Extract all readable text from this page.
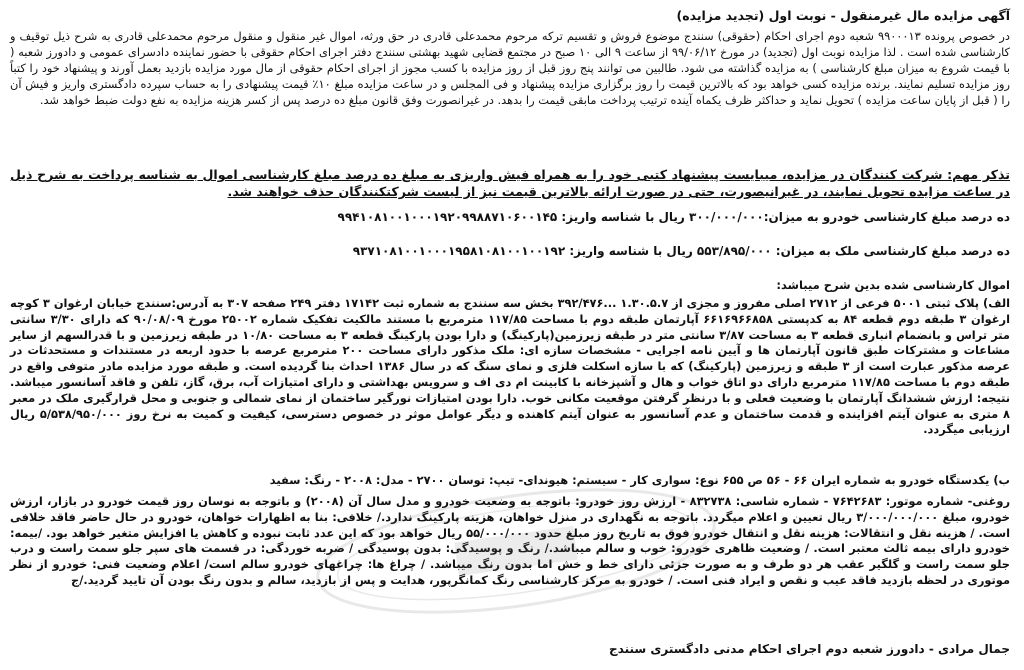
آگهی مزایده مال غیرمنقول - نوبت اول (تجدید مزایده)
در خصوص پرونده ۹۹۰۰۰۱۳ شعبه دوم اجرای احکام (حقوقی) سنندج موضوع فروش و تقسیم ترکه مرحوم محمدعلی قادری در حق ورثه، اموال غیر منقول و منقول مرحوم محمدعلی قادری به شرح ذیل توقیف و کارشناسی شده است . لذا مزایده نوبت اول (تجدید) در مورخ ۹۹/۰۶/۱۲ از ساعت ۹ الی ۱۰ صبح در مجتمع قضایی شهید بهشتی سنندج دفتر اجرای احکام حقوقی با حضور نماینده دادسرای عمومی و دادورز شعبه ( با قیمت شروع به میزان مبلغ کارشناسی ) به مزایده گذاشته می شود. طالبین می توانند پنج روز قبل از روز مزایده با کسب مجوز از اجرای احکام حقوقی از مال مورد مزایده بازدید بعمل آورند و پیشنهاد خود را کتباً روز مزایده تسلیم نمایند. برنده مزایده کسی خواهد بود که بالاترین قیمت را روز برگزاری مزایده پیشنهاد و فی المجلس و در ساعت مزایده مبلغ ۱۰٪ قیمت پیشنهادی را به حساب سپرده دادگستری واریز و فیش آن را ( قبل از پایان ساعت مزایده ) تحویل نماید و حداکثر ظرف یکماه آینده ترتیب پرداخت مابقی قیمت را بدهد. در غیرانصورت وفق قانون مبلغ ده درصد پس از کسر هزینه مزایده به نفع دولت ضبط خواهد شد.
تذکر مهم: شرکت کنندگان در مزایده، میبایست پیشنهاد کتبی خود را به همراه فیش واریزی به مبلغ ده درصد مبلغ کارشناسی اموال به شناسه پرداخت به شرح ذیل در ساعت مزایده تحویل نمایند، در غیرانیصورت، حتی در صورت ارائه بالاترین قیمت نیز از لیست شرکتکنندگان حذف خواهند شد.
ده درصد مبلغ کارشناسی خودرو به میزان:۳۰۰/۰۰۰/۰۰۰ ریال با شناسه واریز: ۹۹۴۱۰۸۱۰۰۱۰۰۰۱۹۲۰۹۹۸۸۷۱۰۶۰۰۱۴۵
ده درصد مبلغ کارشناسی ملک به میزان: ۵۵۳/۸۹۵/۰۰۰ ریال با شناسه واریز: ۹۳۷۱۰۸۱۰۰۱۰۰۰۱۹۵۸۱۰۸۱۰۰۱۰۰۱۹۲
اموال کارشناسی شده بدین شرح میباشد:
الف) پلاک ثبتی ۵۰۰۱ فرعی از ۲۷۱۲ اصلی مفروز و مجزی از ۱.۳۰.۵.۷ ...۳۹۲/۴۷۶ بخش سه سنندج به شماره ثبت ۱۷۱۴۲ دفتر ۲۴۹ صفحه ۳۰۷ به آدرس:سنندج خیابان ارغوان ۳ کوچه ارغوان ۳ طبقه دوم قطعه ۸۴ به کدپستی ۶۶۱۶۹۶۶۸۵۸ آپارتمان طبقه دوم با مساحت ۱۱۷/۸۵ مترمربع با مستند مالکیت تفکیک شماره ۲۵۰۰۲ مورخ ۹۰/۰۸/۰۹ که دارای ۳/۳۰ سانتی متر تراس و بانضمام انباری قطعه ۳ به مساحت ۳/۸۷ سانتی متر در طبقه زیرزمین(پارکینگ) و دارا بودن پارکینگ قطعه ۳ به مساحت ۱۰/۸۰ در طبقه زیرزمین و با قدرالسهم از سایر مشاعات و مشترکات طبق قانون آپارتمان ها و آیین نامه اجرایی - مشخصات سازه ای: ملک مذکور دارای مساحت ۲۰۰ مترمربع عرصه با حدود اربعه در مستندات و مستحدثات در عرصه مذکور عبارت است از ۳ طبقه و زیرزمین (پارکینگ) که با سازه اسکلت فلزی و نمای سنگ که در سال ۱۳۸۶ احداث بنا گردیده است. و طبقه مورد مزایده مادر متوفی واقع در طبقه دوم با مساحت ۱۱۷/۸۵ مترمربع دارای دو اتاق خواب و هال و آشپزخانه با کابینت ام دی اف و سرویس بهداشتی و دارای امتیازات آب، برق، گاز، تلفن و فاقد آسانسور میباشد. نتیجه: ارزش ششدانگ آپارتمان با وضعیت فعلی و با درنظر گرفتن موقعیت مکانی خوب. دارا بودن امتیازات نورگیر ساختمان از نمای شمالی و جنوبی و محل قرارگیری ملک در معبر ۸ متری به عنوان آیتم افزاینده و قدمت ساختمان و عدم آسانسور به عنوان آیتم کاهنده و دیگر عوامل موثر در خصوص دسترسی، کیفیت و کمیت به نرخ روز ۵/۵۳۸/۹۵۰/۰۰۰ ریال ارزیابی میگردد.
ب) یکدستگاه خودرو به شماره ایران ۶۶ - ۵۶ ص ۶۵۵ نوع: سواری کار - سیستم: هیوندای- تیپ: توسان ۲۷۰۰ - مدل: ۲۰۰۸ - رنگ: سفید
روغنی- شماره موتور: ۷۶۴۲۶۸۳ - شماره شاسی: ۸۳۲۷۳۸ - ارزش روز خودرو: باتوجه به وضعیت خودرو و مدل سال آن (۲۰۰۸) و باتوجه به نوسان روز قیمت خودرو در بازار، ارزش خودرو، مبلغ ۳/۰۰۰/۰۰۰/۰۰۰ ریال تعیین و اعلام میگردد. باتوجه به نگهداری در منزل خواهان، هزینه پارکینگ ندارد./ خلافی: بنا به اظهارات خواهان، خودرو در حال حاضر فاقد خلافی است. / هزینه نقل و انتقالات: هزینه نقل و انتقال خودرو فوق به تاریخ روز مبلغ حدود ۵۵/۰۰۰/۰۰۰ ریال خواهد بود که این عدد ثابت نبوده و کاهش یا افزایش متغیر خواهد بود. /بیمه: خودرو دارای بیمه ثالث معتبر است. / وضعیت ظاهری خودرو: خوب و سالم میباشد./ رنگ و پوسیدگی: بدون پوسیدگی / ضربه خوردگی: در قسمت های سپر جلو سمت راست و درب جلو سمت راست و گلگیر عقب هر دو طرف و به صورت جزئی دارای خط و خش اما بدون رنگ میباشد. / چراغ ها: چراغهای خودرو سالم است/ اعلام وضعیت فنی: خودرو از نظر موتوری در لحظه بازدید فاقد عیب و نقص و ایراد فنی است. / خودرو به مرکز کارشناسی رنگ کمانگرپور، هدایت و پس از بازدید، سالم و بدون رنگ بودن آن تایید گردید./ج
جمال مرادی - دادورز شعبه دوم اجرای احکام مدنی دادگستری سنندج
